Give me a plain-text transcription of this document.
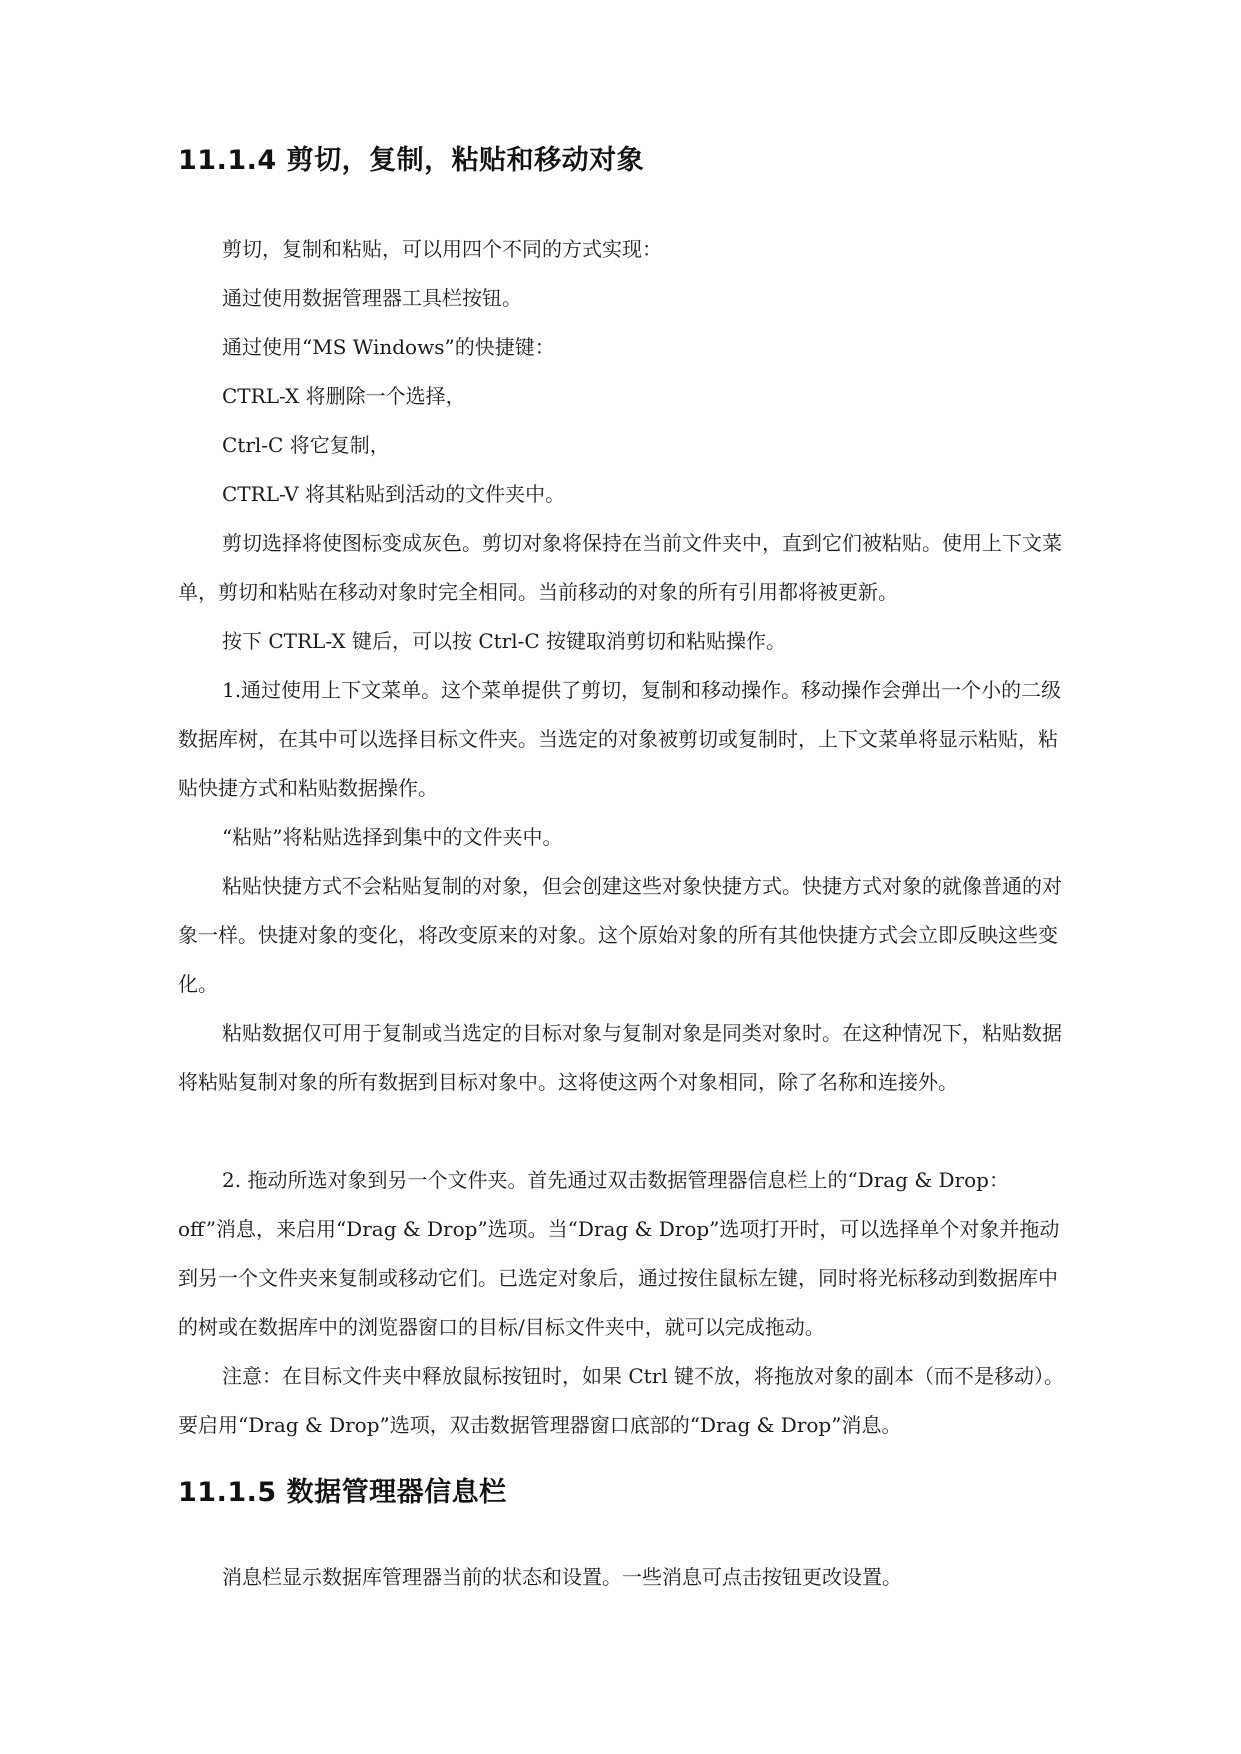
11.1.4 剪切，复制，粘贴和移动对象

剪切，复制和粘贴，可以用四个不同的方式实现：

通过使用数据管理器工具栏按钮。

通过使用“MS Windows”的快捷键：

CTRL-X 将删除一个选择，

Ctrl-C 将它复制，

CTRL-V 将其粘贴到活动的文件夹中。

剪切选择将使图标变成灰色。剪切对象将保持在当前文件夹中，直到它们被粘贴。使用上下文菜单，剪切和粘贴在移动对象时完全相同。当前移动的对象的所有引用都将被更新。

按下 CTRL-X 键后，可以按 Ctrl-C 按键取消剪切和粘贴操作。

1.通过使用上下文菜单。这个菜单提供了剪切，复制和移动操作。移动操作会弹出一个小的二级数据库树，在其中可以选择目标文件夹。当选定的对象被剪切或复制时，上下文菜单将显示粘贴，粘贴快捷方式和粘贴数据操作。

“粘贴”将粘贴选择到集中的文件夹中。

粘贴快捷方式不会粘贴复制的对象，但会创建这些对象快捷方式。快捷方式对象的就像普通的对象一样。快捷对象的变化，将改变原来的对象。这个原始对象的所有其他快捷方式会立即反映这些变化。

粘贴数据仅可用于复制或当选定的目标对象与复制对象是同类对象时。在这种情况下，粘贴数据将粘贴复制对象的所有数据到目标对象中。这将使这两个对象相同，除了名称和连接外。

2. 拖动所选对象到另一个文件夹。首先通过双击数据管理器信息栏上的“Drag & Drop：off”消息，来启用“Drag & Drop”选项。当“Drag & Drop”选项打开时，可以选择单个对象并拖动到另一个文件夹来复制或移动它们。已选定对象后，通过按住鼠标左键，同时将光标移动到数据库中的树或在数据库中的浏览器窗口的目标/目标文件夹中，就可以完成拖动。

注意：在目标文件夹中释放鼠标按钮时，如果 Ctrl 键不放，将拖放对象的副本（而不是移动）。要启用“Drag & Drop”选项，双击数据管理器窗口底部的“Drag & Drop”消息。

11.1.5 数据管理器信息栏

消息栏显示数据库管理器当前的状态和设置。一些消息可点击按钮更改设置。
